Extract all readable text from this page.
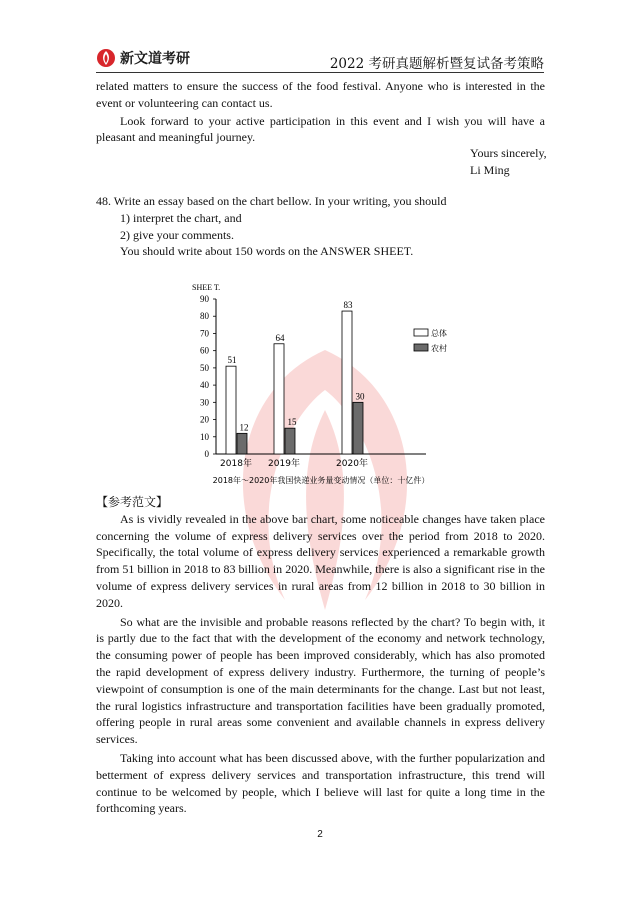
新文道考研	2022 考研真题解析暨复试备考策略

related matters to ensure the success of the food festival. Anyone who is interested in the event or volunteering can contact us.

Look forward to your active participation in this event and I wish you will have a pleasant and meaningful journey.

Yours sincerely,
Li Ming

48. Write an essay based on the chart bellow. In your writing, you should

1) interpret the chart, and

2) give your comments.

You should write about 150 words on the ANSWER SHEET.

SHEE T.
0
10
20
30
40
50
60
70
80
90
51
12
2018年
64
15
2019年
83
30
2020年
总体
农村
2018年～2020年我国快递业务量变动情况（单位：十亿件）

【参考范文】

As is vividly revealed in the above bar chart, some noticeable changes have taken place concerning the volume of express delivery services over the period from 2018 to 2020. Specifically, the total volume of express delivery services experienced a remarkable growth from 51 billion in 2018 to 83 billion in 2020. Meanwhile, there is also a significant rise in the volume of express delivery services in rural areas from 12 billion in 2018 to 30 billion in 2020.

So what are the invisible and probable reasons reflected by the chart? To begin with, it is partly due to the fact that with the development of the economy and network technology, the consuming power of people has been improved considerably, which has also promoted the rapid development of express delivery industry. Furthermore, the turning of people’s viewpoint of consumption is one of the main determinants for the change. Last but not least, the rural logistics infrastructure and transportation facilities have been gradually promoted, offering people in rural areas some convenient and available channels in express delivery services.

Taking into account what has been discussed above, with the further popularization and betterment of express delivery services and transportation infrastructure, this trend will continue to be welcomed by people, which I believe will last for quite a long time in the forthcoming years.

2
